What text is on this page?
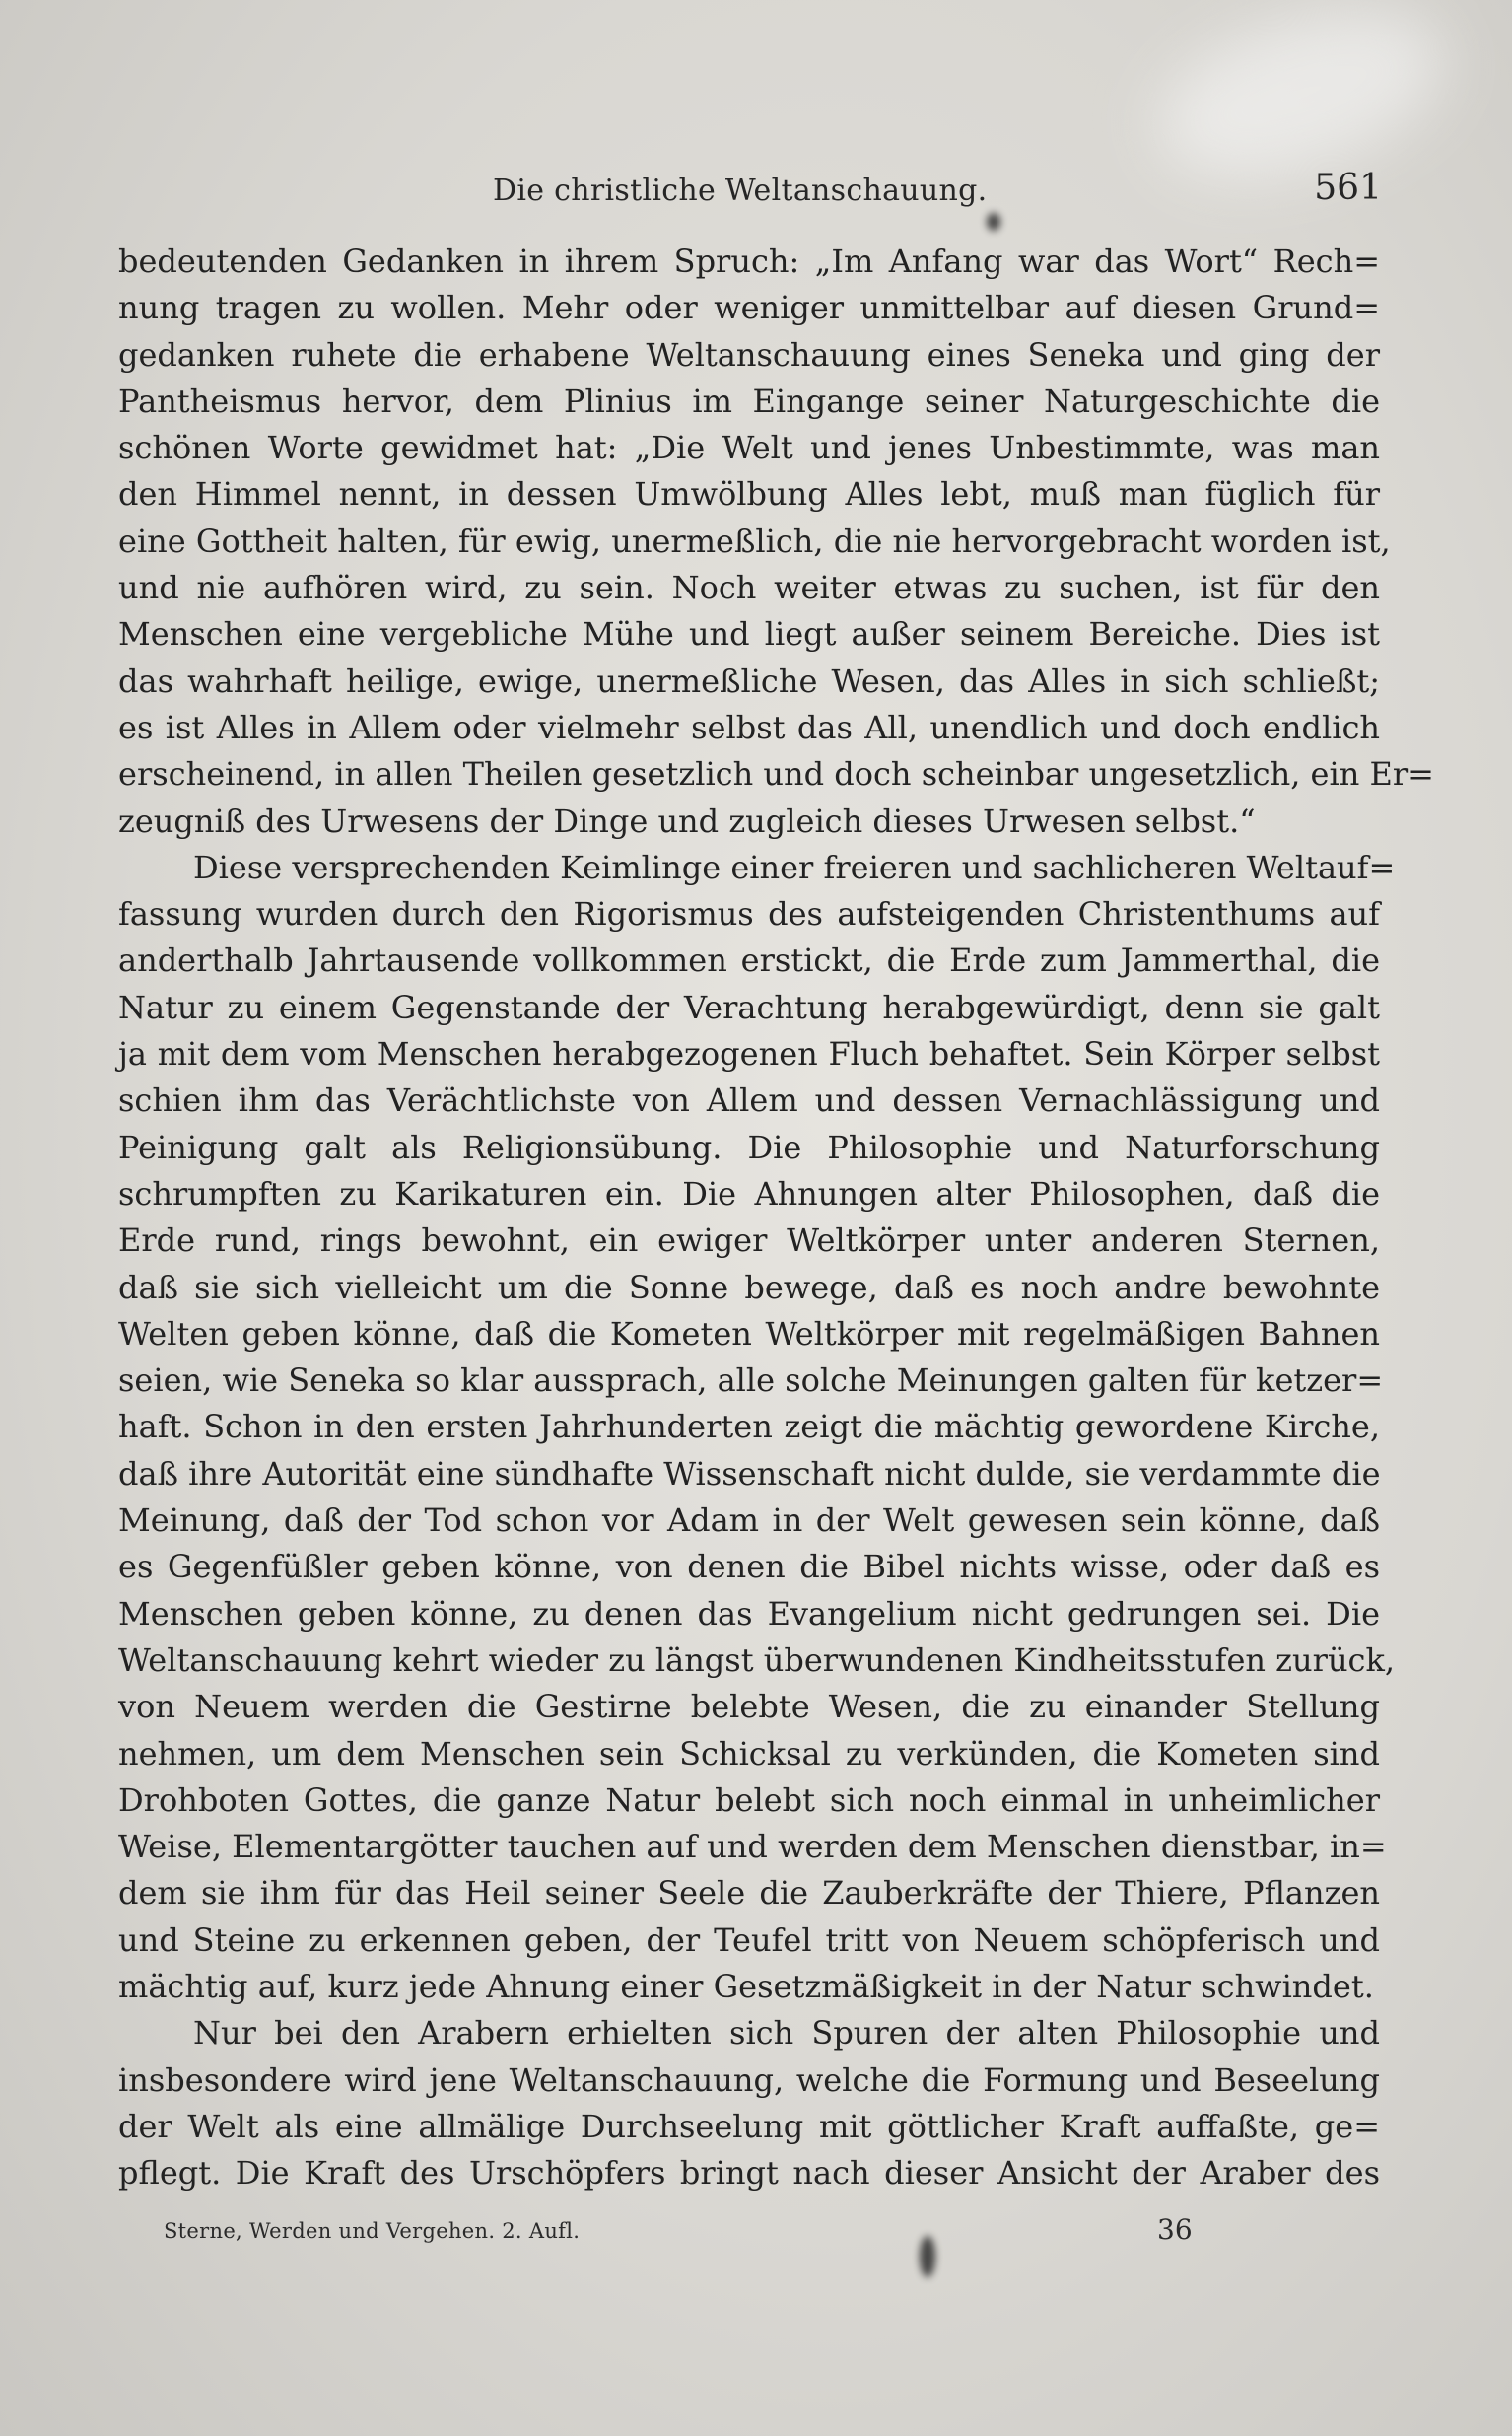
Die christliche Weltanschauung.	561

bedeutenden Gedanken in ihrem Spruch: „Im Anfang war das Wort“ Rech=
nung tragen zu wollen. Mehr oder weniger unmittelbar auf diesen Grund=
gedanken ruhete die erhabene Weltanschauung eines Seneka und ging der
Pantheismus hervor, dem Plinius im Eingange seiner Naturgeschichte die
schönen Worte gewidmet hat: „Die Welt und jenes Unbestimmte, was man
den Himmel nennt, in dessen Umwölbung Alles lebt, muß man füglich für
eine Gottheit halten, für ewig, unermeßlich, die nie hervorgebracht worden ist,
und nie aufhören wird, zu sein. Noch weiter etwas zu suchen, ist für den
Menschen eine vergebliche Mühe und liegt außer seinem Bereiche. Dies ist
das wahrhaft heilige, ewige, unermeßliche Wesen, das Alles in sich schließt;
es ist Alles in Allem oder vielmehr selbst das All, unendlich und doch endlich
erscheinend, in allen Theilen gesetzlich und doch scheinbar ungesetzlich, ein Er=
zeugniß des Urwesens der Dinge und zugleich dieses Urwesen selbst.“

Diese versprechenden Keimlinge einer freieren und sachlicheren Weltauf=
fassung wurden durch den Rigorismus des aufsteigenden Christenthums auf
anderthalb Jahrtausende vollkommen erstickt, die Erde zum Jammerthal, die
Natur zu einem Gegenstande der Verachtung herabgewürdigt, denn sie galt
ja mit dem vom Menschen herabgezogenen Fluch behaftet. Sein Körper selbst
schien ihm das Verächtlichste von Allem und dessen Vernachlässigung und
Peinigung galt als Religionsübung. Die Philosophie und Naturforschung
schrumpften zu Karikaturen ein. Die Ahnungen alter Philosophen, daß die
Erde rund, rings bewohnt, ein ewiger Weltkörper unter anderen Sternen,
daß sie sich vielleicht um die Sonne bewege, daß es noch andre bewohnte
Welten geben könne, daß die Kometen Weltkörper mit regelmäßigen Bahnen
seien, wie Seneka so klar aussprach, alle solche Meinungen galten für ketzer=
haft. Schon in den ersten Jahrhunderten zeigt die mächtig gewordene Kirche,
daß ihre Autorität eine sündhafte Wissenschaft nicht dulde, sie verdammte die
Meinung, daß der Tod schon vor Adam in der Welt gewesen sein könne, daß
es Gegenfüßler geben könne, von denen die Bibel nichts wisse, oder daß es
Menschen geben könne, zu denen das Evangelium nicht gedrungen sei. Die
Weltanschauung kehrt wieder zu längst überwundenen Kindheitsstufen zurück,
von Neuem werden die Gestirne belebte Wesen, die zu einander Stellung
nehmen, um dem Menschen sein Schicksal zu verkünden, die Kometen sind
Drohboten Gottes, die ganze Natur belebt sich noch einmal in unheimlicher
Weise, Elementargötter tauchen auf und werden dem Menschen dienstbar, in=
dem sie ihm für das Heil seiner Seele die Zauberkräfte der Thiere, Pflanzen
und Steine zu erkennen geben, der Teufel tritt von Neuem schöpferisch und
mächtig auf, kurz jede Ahnung einer Gesetzmäßigkeit in der Natur schwindet.

Nur bei den Arabern erhielten sich Spuren der alten Philosophie und
insbesondere wird jene Weltanschauung, welche die Formung und Beseelung
der Welt als eine allmälige Durchseelung mit göttlicher Kraft auffaßte, ge=
pflegt. Die Kraft des Urschöpfers bringt nach dieser Ansicht der Araber des

Sterne, Werden und Vergehen. 2. Aufl.	36
